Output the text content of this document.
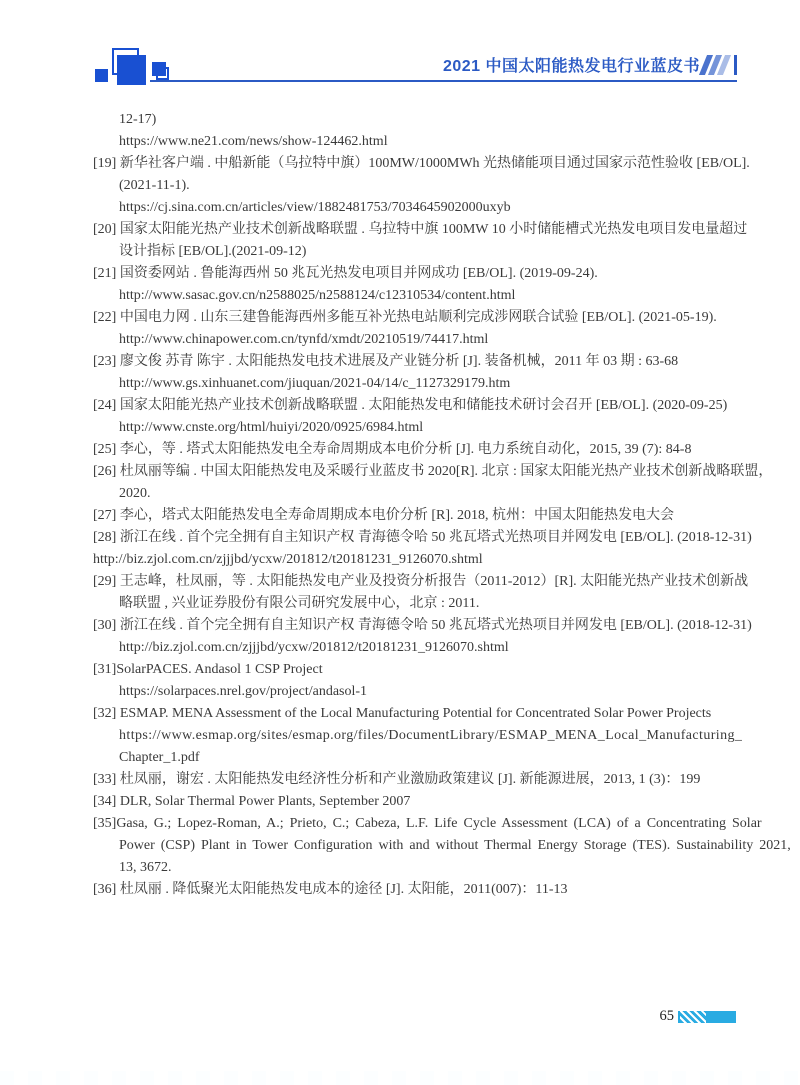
2021 中国太阳能热发电行业蓝皮书
12-17)
https://www.ne21.com/news/show-124462.html
[19] 新华社客户端 . 中船新能（乌拉特中旗）100MW/1000MWh 光热储能项目通过国家示范性验收 [EB/OL].
(2021-11-1).
https://cj.sina.com.cn/articles/view/1882481753/7034645902000uxyb
[20] 国家太阳能光热产业技术创新战略联盟 . 乌拉特中旗 100MW 10 小时储能槽式光热发电项目发电量超过
设计指标 [EB/OL].(2021-09-12)
[21] 国资委网站 . 鲁能海西州 50 兆瓦光热发电项目并网成功 [EB/OL]. (2019-09-24).
http://www.sasac.gov.cn/n2588025/n2588124/c12310534/content.html
[22] 中国电力网 . 山东三建鲁能海西州多能互补光热电站顺利完成涉网联合试验 [EB/OL]. (2021-05-19).
http://www.chinapower.com.cn/tynfd/xmdt/20210519/74417.html
[23] 廖文俊 苏青 陈宇 . 太阳能热发电技术进展及产业链分析 [J]. 装备机械，2011 年 03 期 : 63-68
http://www.gs.xinhuanet.com/jiuquan/2021-04/14/c_1127329179.htm
[24] 国家太阳能光热产业技术创新战略联盟 . 太阳能热发电和储能技术研讨会召开 [EB/OL]. (2020-09-25)
http://www.cnste.org/html/huiyi/2020/0925/6984.html
[25] 李心，等 . 塔式太阳能热发电全寿命周期成本电价分析 [J]. 电力系统自动化，2015, 39 (7): 84-8
[26] 杜凤丽等编 . 中国太阳能热发电及采暖行业蓝皮书 2020[R]. 北京 : 国家太阳能光热产业技术创新战略联盟，
2020.
[27] 李心，塔式太阳能热发电全寿命周期成本电价分析 [R]. 2018, 杭州：中国太阳能热发电大会
[28] 浙江在线 . 首个完全拥有自主知识产权 青海德令哈 50 兆瓦塔式光热项目并网发电 [EB/OL]. (2018-12-31)
http://biz.zjol.com.cn/zjjjbd/ycxw/201812/t20181231_9126070.shtml
[29] 王志峰，杜凤丽，等 . 太阳能热发电产业及投资分析报告（2011-2012）[R]. 太阳能光热产业技术创新战
略联盟 , 兴业证券股份有限公司研究发展中心，北京 : 2011.
[30] 浙江在线 . 首个完全拥有自主知识产权 青海德令哈 50 兆瓦塔式光热项目并网发电 [EB/OL]. (2018-12-31)
http://biz.zjol.com.cn/zjjjbd/ycxw/201812/t20181231_9126070.shtml
[31]SolarPACES. Andasol 1 CSP Project
https://solarpaces.nrel.gov/project/andasol-1
[32] ESMAP. MENA Assessment of the Local Manufacturing Potential for Concentrated Solar Power Projects
https://www.esmap.org/sites/esmap.org/files/DocumentLibrary/ESMAP_MENA_Local_Manufacturing_
Chapter_1.pdf
[33] 杜凤丽，谢宏 . 太阳能热发电经济性分析和产业激励政策建议 [J]. 新能源进展，2013, 1 (3)：199
[34] DLR, Solar Thermal Power Plants, September 2007
[35]Gasa, G.; Lopez-Roman, A.; Prieto, C.; Cabeza, L.F. Life Cycle Assessment (LCA) of a Concentrating Solar
Power (CSP) Plant in Tower Configuration with and without Thermal Energy Storage (TES). Sustainability 2021,
13, 3672.
[36] 杜凤丽 . 降低聚光太阳能热发电成本的途径 [J]. 太阳能，2011(007)：11-13
65
